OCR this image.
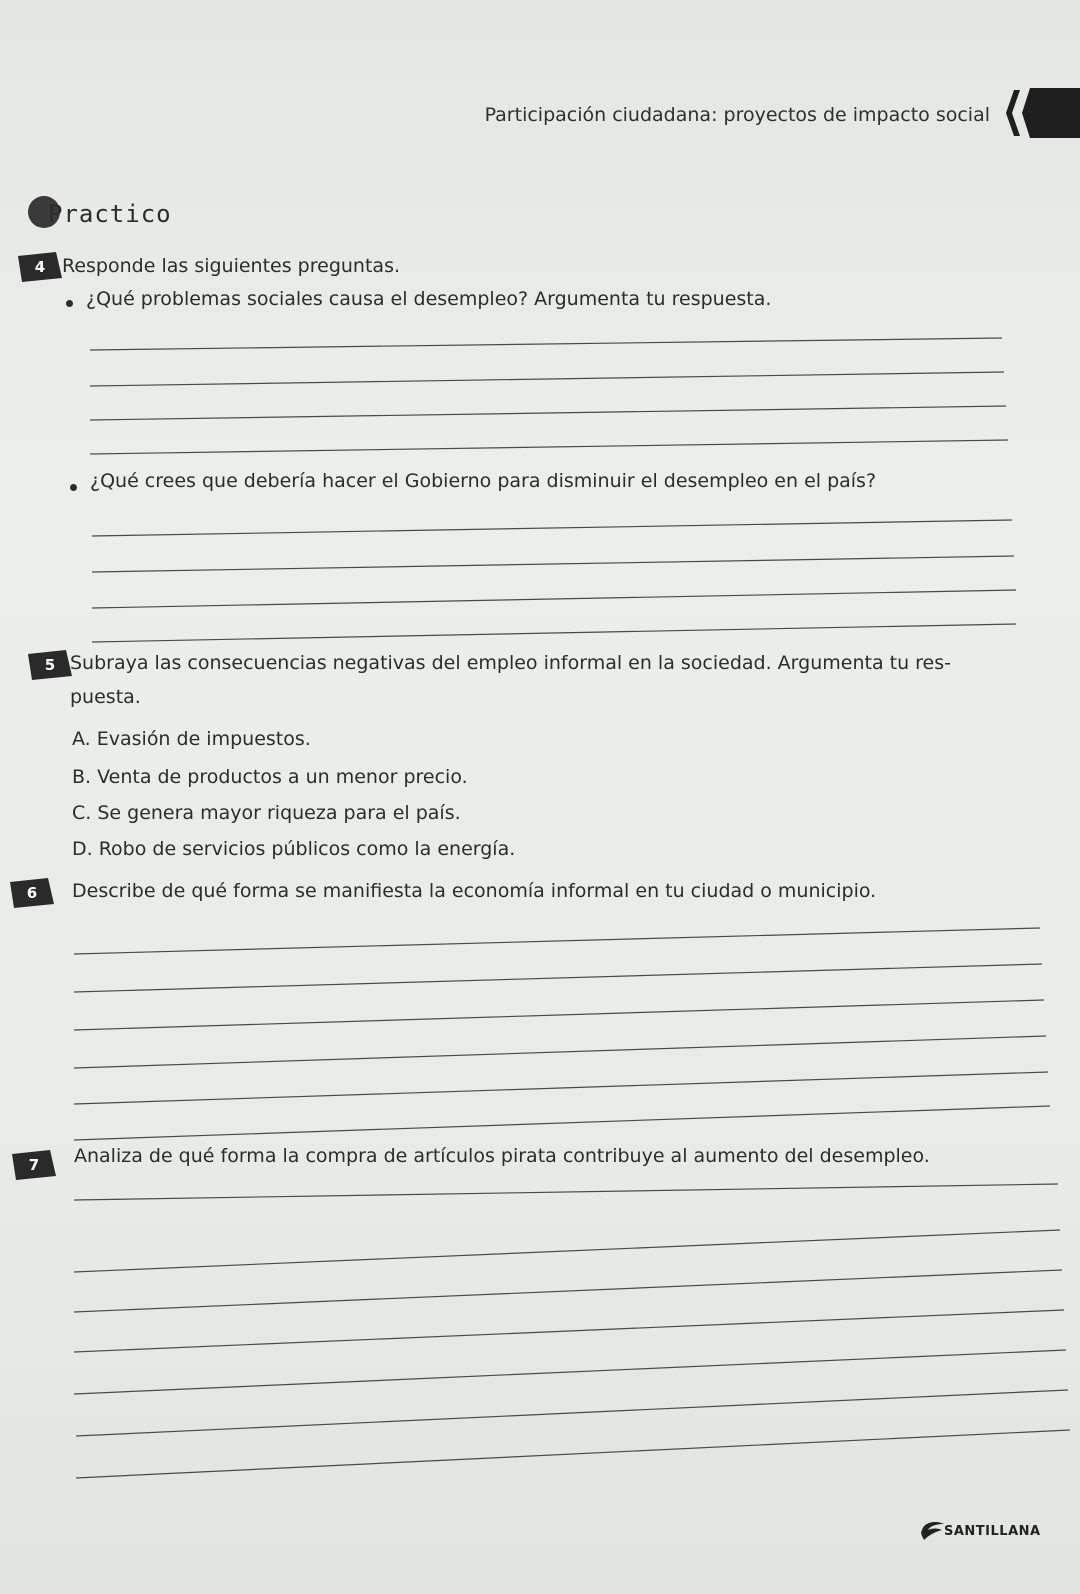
Participación ciudadana: proyectos de impacto social
Practico
4 Responde las siguientes preguntas.
¿Qué problemas sociales causa el desempleo? Argumenta tu respuesta.
¿Qué crees que debería hacer el Gobierno para disminuir el desempleo en el país?
5 Subraya las consecuencias negativas del empleo informal en la sociedad. Argumenta tu res-
puesta.
A. Evasión de impuestos.
B. Venta de productos a un menor precio.
C. Se genera mayor riqueza para el país.
D. Robo de servicios públicos como la energía.
6	Describe de qué forma se manifiesta la economía informal en tu ciudad o municipio.
7	Analiza de qué forma la compra de artículos pirata contribuye al aumento del desempleo.
SANTILLANA
